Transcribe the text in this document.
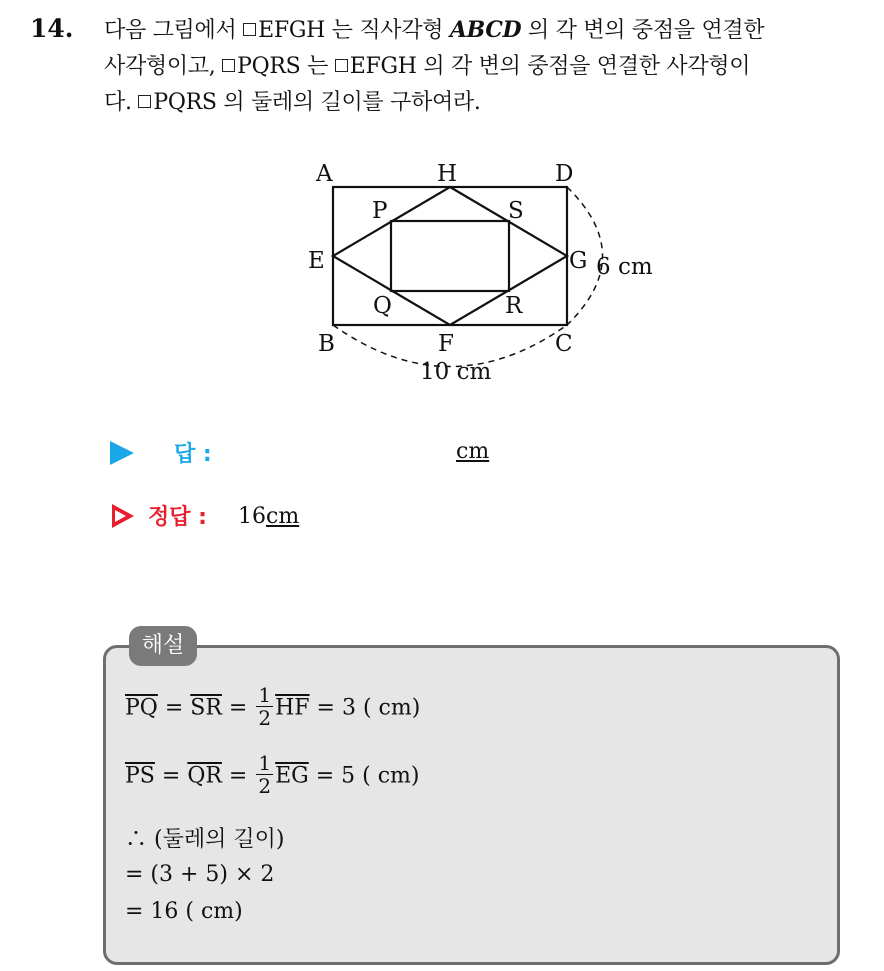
14. 다음 그림에서 EFGH 는 직사각형 ABCD 의 각 변의 중점을 연결한
사각형이고, PQRS 는 EFGH 의 각 변의 중점을 연결한 사각형이
다. PQRS 의 둘레의 길이를 구하여라.
A	H	D
P	S
E	G
Q	R
B	F	C
6 cm
10 cm
답 :	cm
정답 : 16cm
해설
$\overline{PQ} = \overline{SR} = \frac{1}{2} \overline{HF} = 3$ ( cm)
$\overline{PS} = \overline{QR} = \frac{1}{2} \overline{EG} = 5$ ( cm)
∴ (둘레의 길이)
= (3 + 5) × 2
= 16 ( cm)
